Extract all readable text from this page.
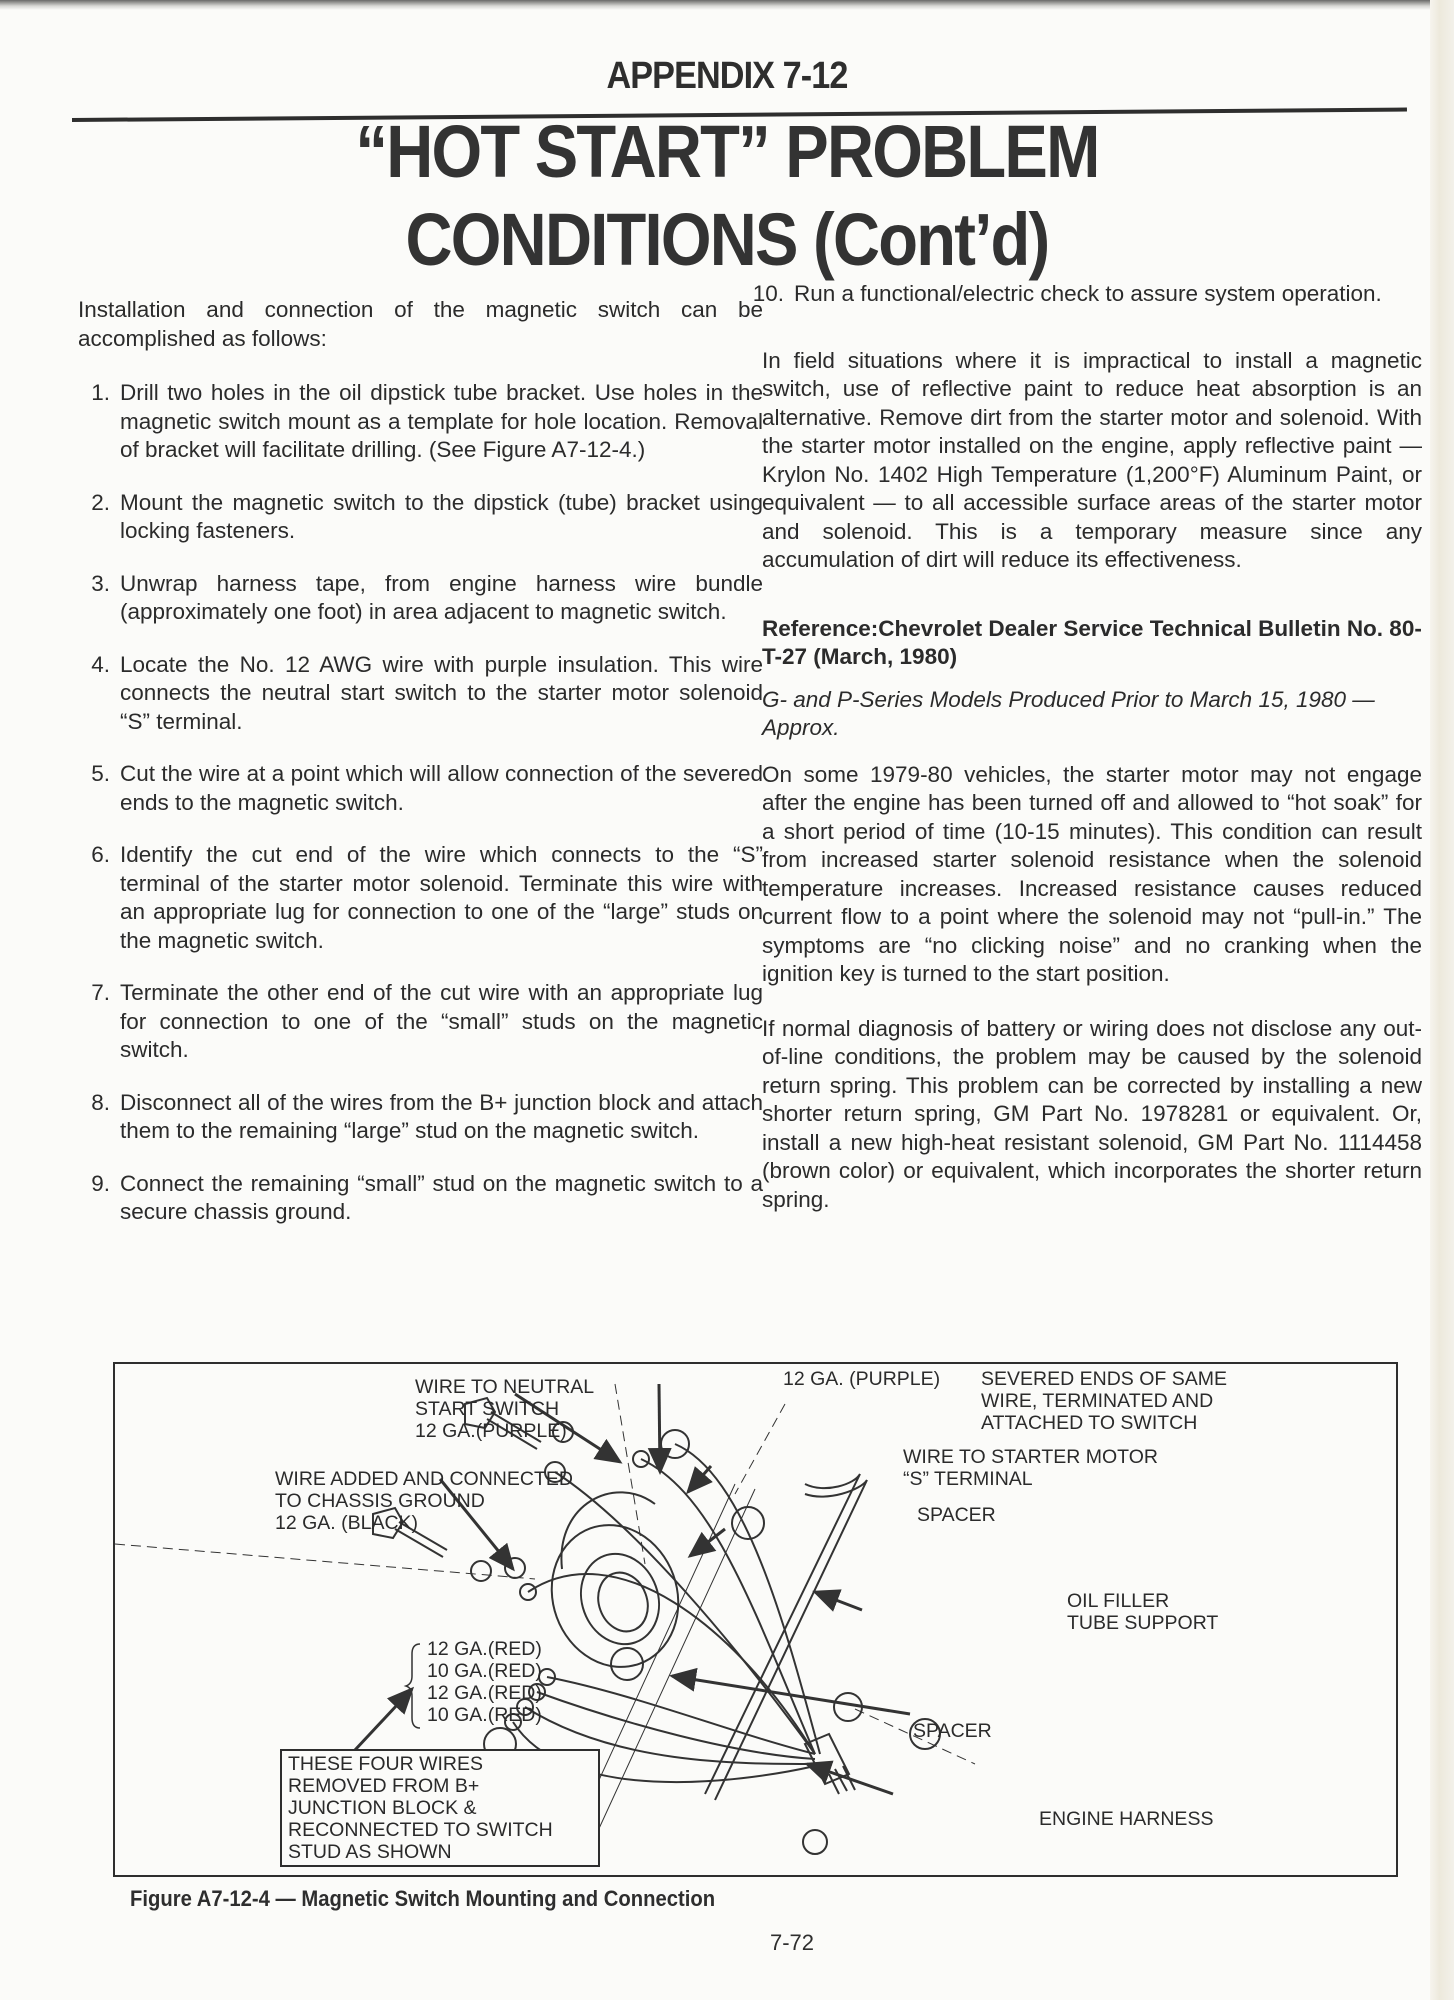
APPENDIX 7-12
“HOT START” PROBLEM
CONDITIONS (Cont’d)

Installation and connection of the magnetic switch can be accomplished as follows:

1. Drill two holes in the oil dipstick tube bracket. Use holes in the magnetic switch mount as a template for hole location. Removal of bracket will facilitate drilling. (See Figure A7-12-4.)
2. Mount the magnetic switch to the dipstick (tube) bracket using locking fasteners.
3. Unwrap harness tape, from engine harness wire bundle (approximately one foot) in area adjacent to magnetic switch.
4. Locate the No. 12 AWG wire with purple insulation. This wire connects the neutral start switch to the starter motor solenoid “S” terminal.
5. Cut the wire at a point which will allow connection of the severed ends to the magnetic switch.
6. Identify the cut end of the wire which connects to the “S” terminal of the starter motor solenoid. Terminate this wire with an appropriate lug for connection to one of the “large” studs on the magnetic switch.
7. Terminate the other end of the cut wire with an appropriate lug for connection to one of the “small” studs on the magnetic switch.
8. Disconnect all of the wires from the B+ junction block and attach them to the remaining “large” stud on the magnetic switch.
9. Connect the remaining “small” stud on the magnetic switch to a secure chassis ground.
10. Run a functional/electric check to assure system operation.

In field situations where it is impractical to install a magnetic switch, use of reflective paint to reduce heat absorption is an alternative. Remove dirt from the starter motor and solenoid. With the starter motor installed on the engine, apply reflective paint — Krylon No. 1402 High Temperature (1,200°F) Aluminum Paint, or equivalent — to all accessible surface areas of the starter motor and solenoid. This is a temporary measure since any accumulation of dirt will reduce its effectiveness.

Reference:Chevrolet Dealer Service Technical Bulletin No. 80-T-27 (March, 1980)

G- and P-Series Models Produced Prior to March 15, 1980 — Approx.

On some 1979-80 vehicles, the starter motor may not engage after the engine has been turned off and allowed to “hot soak” for a short period of time (10-15 minutes). This condition can result from increased starter solenoid resistance when the solenoid temperature increases. Increased resistance causes reduced current flow to a point where the solenoid may not “pull-in.” The symptoms are “no clicking noise” and no cranking when the ignition key is turned to the start position.

If normal diagnosis of battery or wiring does not disclose any out-of-line conditions, the problem may be caused by the solenoid return spring. This problem can be corrected by installing a new shorter return spring, GM Part No. 1978281 or equivalent. Or, install a new high-heat resistant solenoid, GM Part No. 1114458 (brown color) or equivalent, which incorporates the shorter return spring.

WIRE TO NEUTRAL
START SWITCH
12 GA.(PURPLE)
WIRE ADDED AND CONNECTED
TO CHASSIS GROUND
12 GA. (BLACK)
12 GA. (PURPLE) SEVERED ENDS OF SAME
WIRE, TERMINATED AND
ATTACHED TO SWITCH
WIRE TO STARTER MOTOR
“S” TERMINAL
SPACER
OIL FILLER
TUBE SUPPORT
12 GA.(RED)
10 GA.(RED)
12 GA.(RED)
10 GA.(RED)
SPACER
ENGINE HARNESS
THESE FOUR WIRES
REMOVED FROM B+
JUNCTION BLOCK &
RECONNECTED TO SWITCH
STUD AS SHOWN
Figure A7-12-4 — Magnetic Switch Mounting and Connection
7-72
